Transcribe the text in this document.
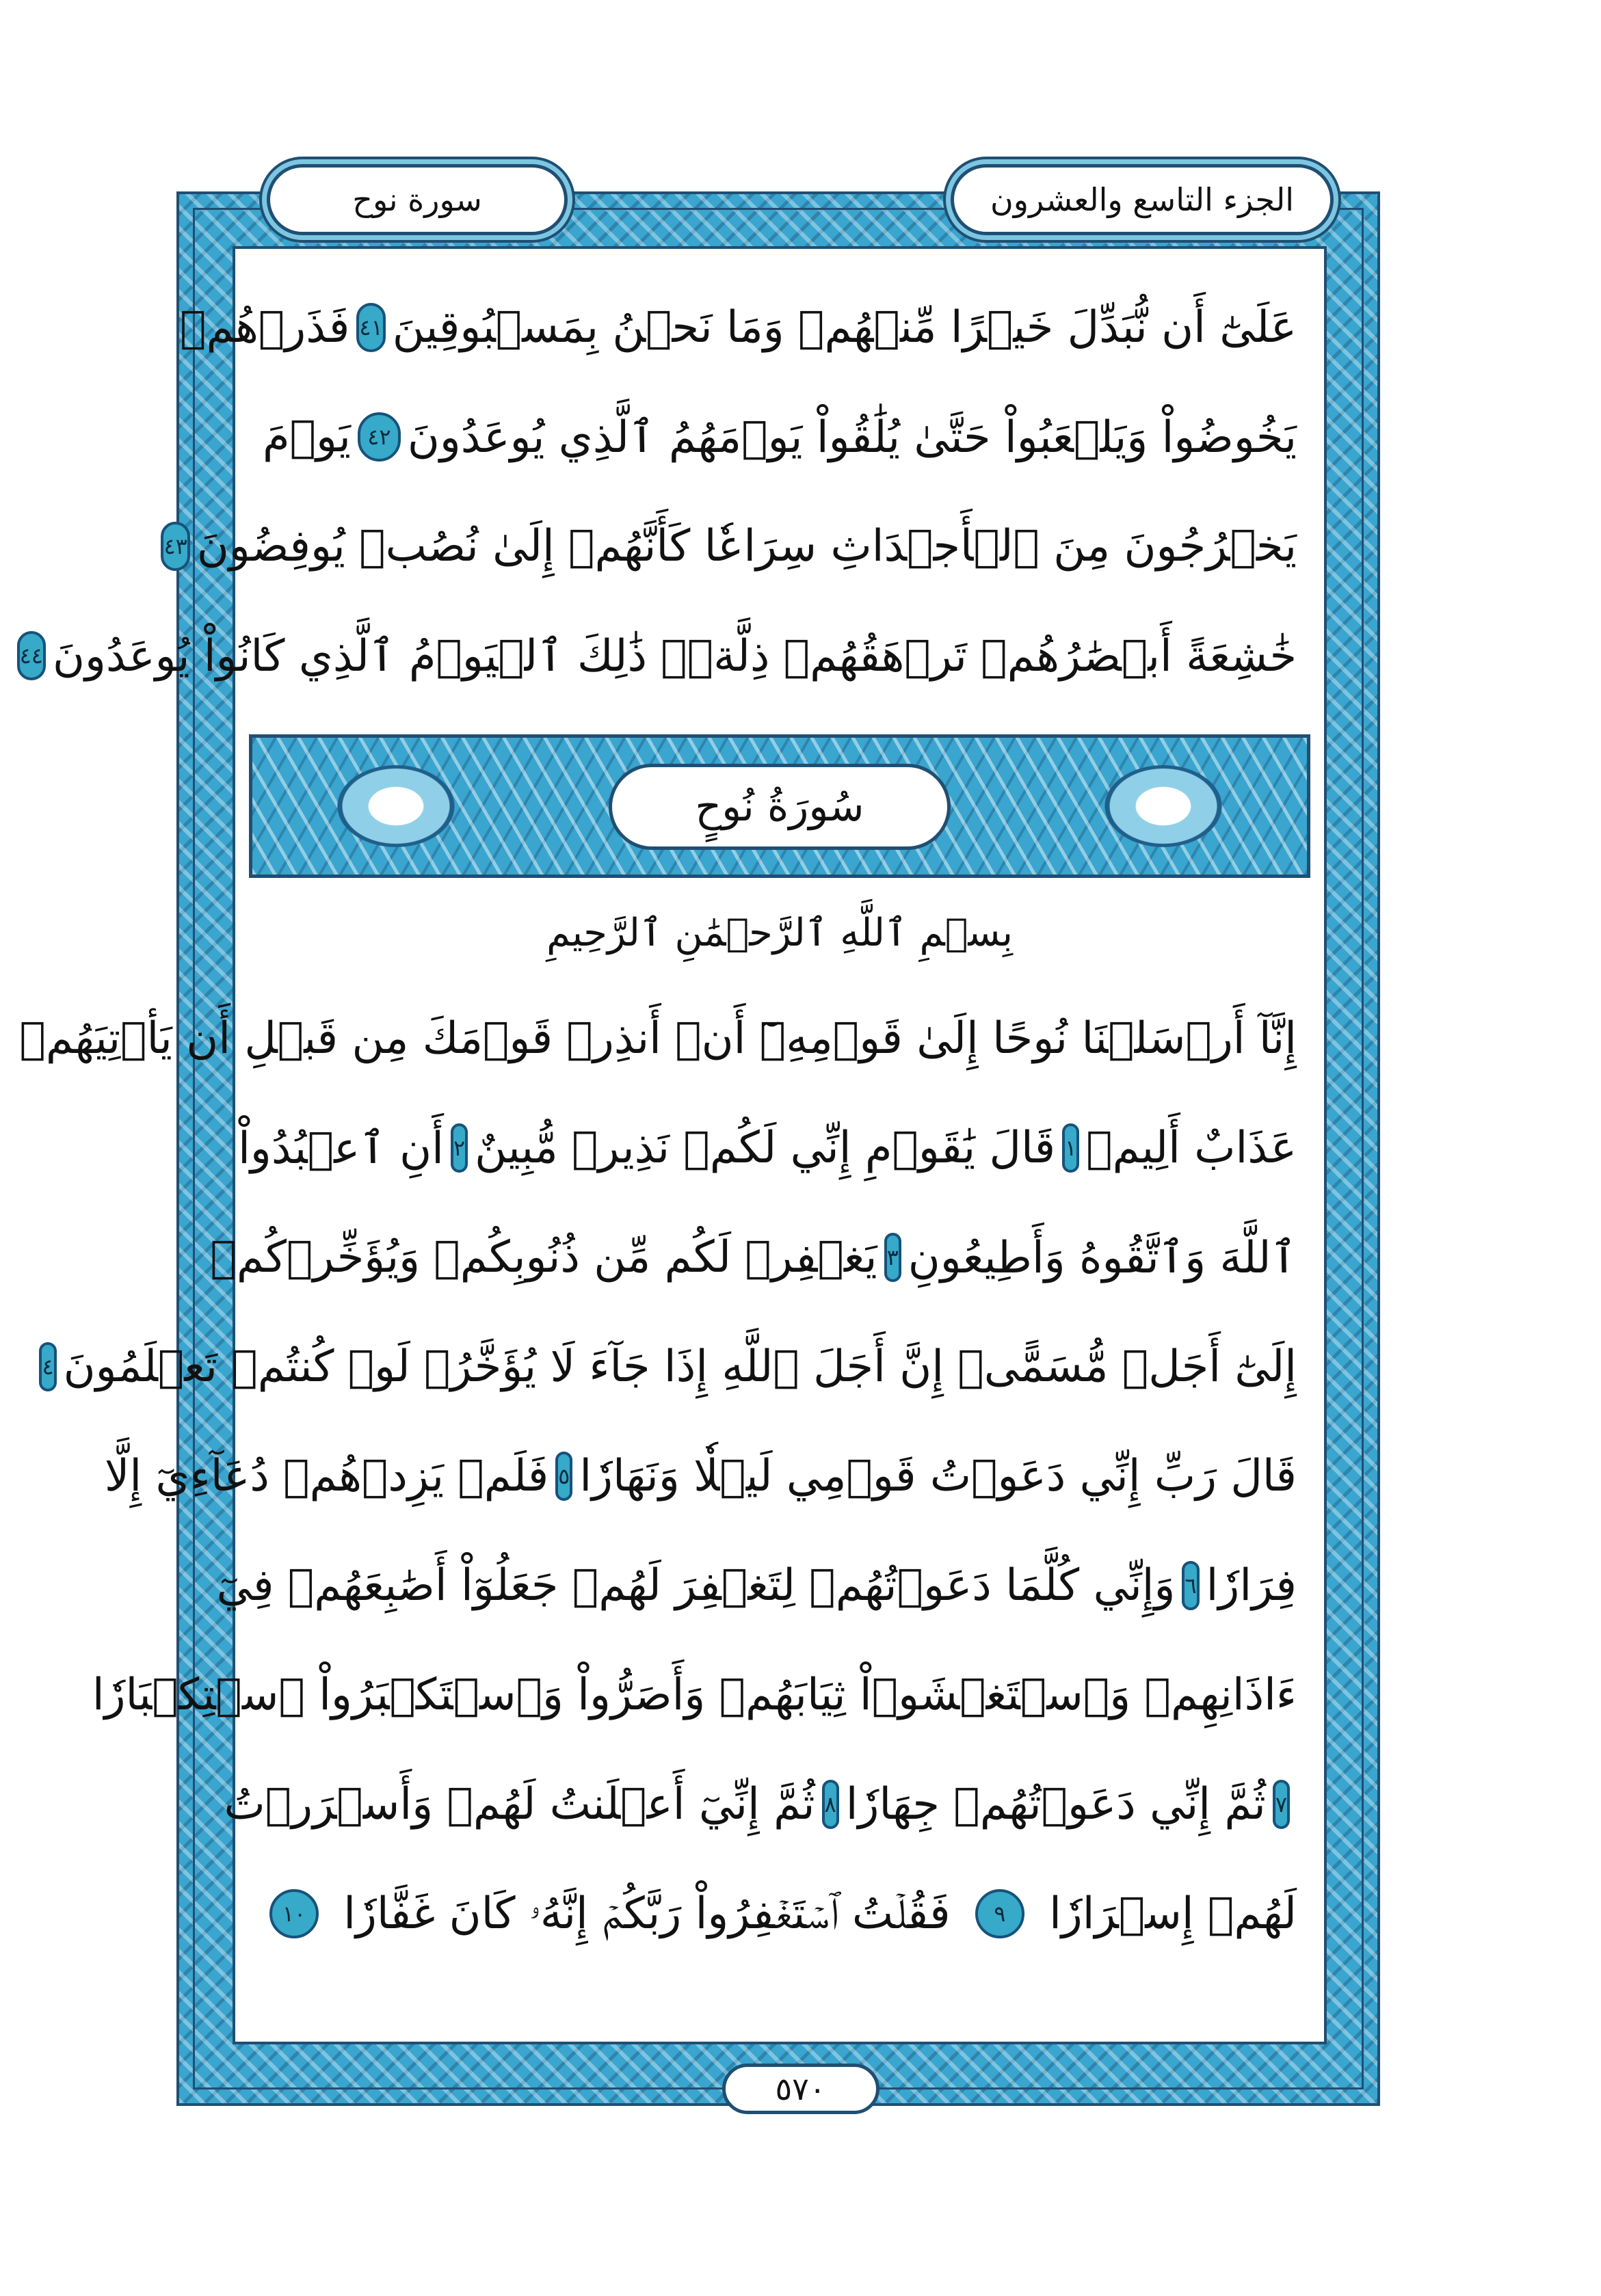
الجزء التاسع والعشرون
سورة نوح
عَلَىٰٓ أَن نُّبَدِّلَ خَيۡرًا مِّنۡهُمۡ وَمَا نَحۡنُ بِمَسۡبُوقِينَ
٤١
فَذَرۡهُمۡ
يَخُوضُواْ وَيَلۡعَبُواْ حَتَّىٰ يُلَٰقُواْ يَوۡمَهُمُ ٱلَّذِي يُوعَدُونَ
٤٢
يَوۡمَ
يَخۡرُجُونَ مِنَ ٱلۡأَجۡدَاثِ سِرَاعٗا كَأَنَّهُمۡ إِلَىٰ نُصُبٖ يُوفِضُونَ
٤٣
خَٰشِعَةً أَبۡصَٰرُهُمۡ تَرۡهَقُهُمۡ ذِلَّةٞۚ ذَٰلِكَ ٱلۡيَوۡمُ ٱلَّذِي كَانُواْ يُوعَدُونَ
٤٤
سُورَةُ نُوحٍ
بِسۡمِ ٱللَّهِ ٱلرَّحۡمَٰنِ ٱلرَّحِيمِ
إِنَّآ أَرۡسَلۡنَا نُوحًا إِلَىٰ قَوۡمِهِۦٓ أَنۡ أَنذِرۡ قَوۡمَكَ مِن قَبۡلِ أَن يَأۡتِيَهُمۡ
عَذَابٌ أَلِيمٞ
١
قَالَ يَٰقَوۡمِ إِنِّي لَكُمۡ نَذِيرٞ مُّبِينٌ
٢
أَنِ ٱعۡبُدُواْ
ٱللَّهَ وَٱتَّقُوهُ وَأَطِيعُونِ
٣
يَغۡفِرۡ لَكُم مِّن ذُنُوبِكُمۡ وَيُؤَخِّرۡكُمۡ
إِلَىٰٓ أَجَلٖ مُّسَمًّىۚ إِنَّ أَجَلَ ٱللَّهِ إِذَا جَآءَ لَا يُؤَخَّرُۚ لَوۡ كُنتُمۡ تَعۡلَمُونَ
٤
قَالَ رَبِّ إِنِّي دَعَوۡتُ قَوۡمِي لَيۡلٗا وَنَهَارٗا
٥
فَلَمۡ يَزِدۡهُمۡ دُعَآءِيٓ إِلَّا
فِرَارٗا
٦
وَإِنِّي كُلَّمَا دَعَوۡتُهُمۡ لِتَغۡفِرَ لَهُمۡ جَعَلُوٓاْ أَصَٰبِعَهُمۡ فِيٓ
ءَاذَانِهِمۡ وَٱسۡتَغۡشَوۡاْ ثِيَابَهُمۡ وَأَصَرُّواْ وَٱسۡتَكۡبَرُواْ ٱسۡتِكۡبَارٗا
٧
ثُمَّ إِنِّي دَعَوۡتُهُمۡ جِهَارٗا
٨
ثُمَّ إِنِّيٓ أَعۡلَنتُ لَهُمۡ وَأَسۡرَرۡتُ
لَهُمۡ إِسۡرَارٗا
٩
فَقُلۡتُ ٱسۡتَغۡفِرُواْ رَبَّكُمۡ إِنَّهُۥ كَانَ غَفَّارٗا
١٠
٥٧٠
